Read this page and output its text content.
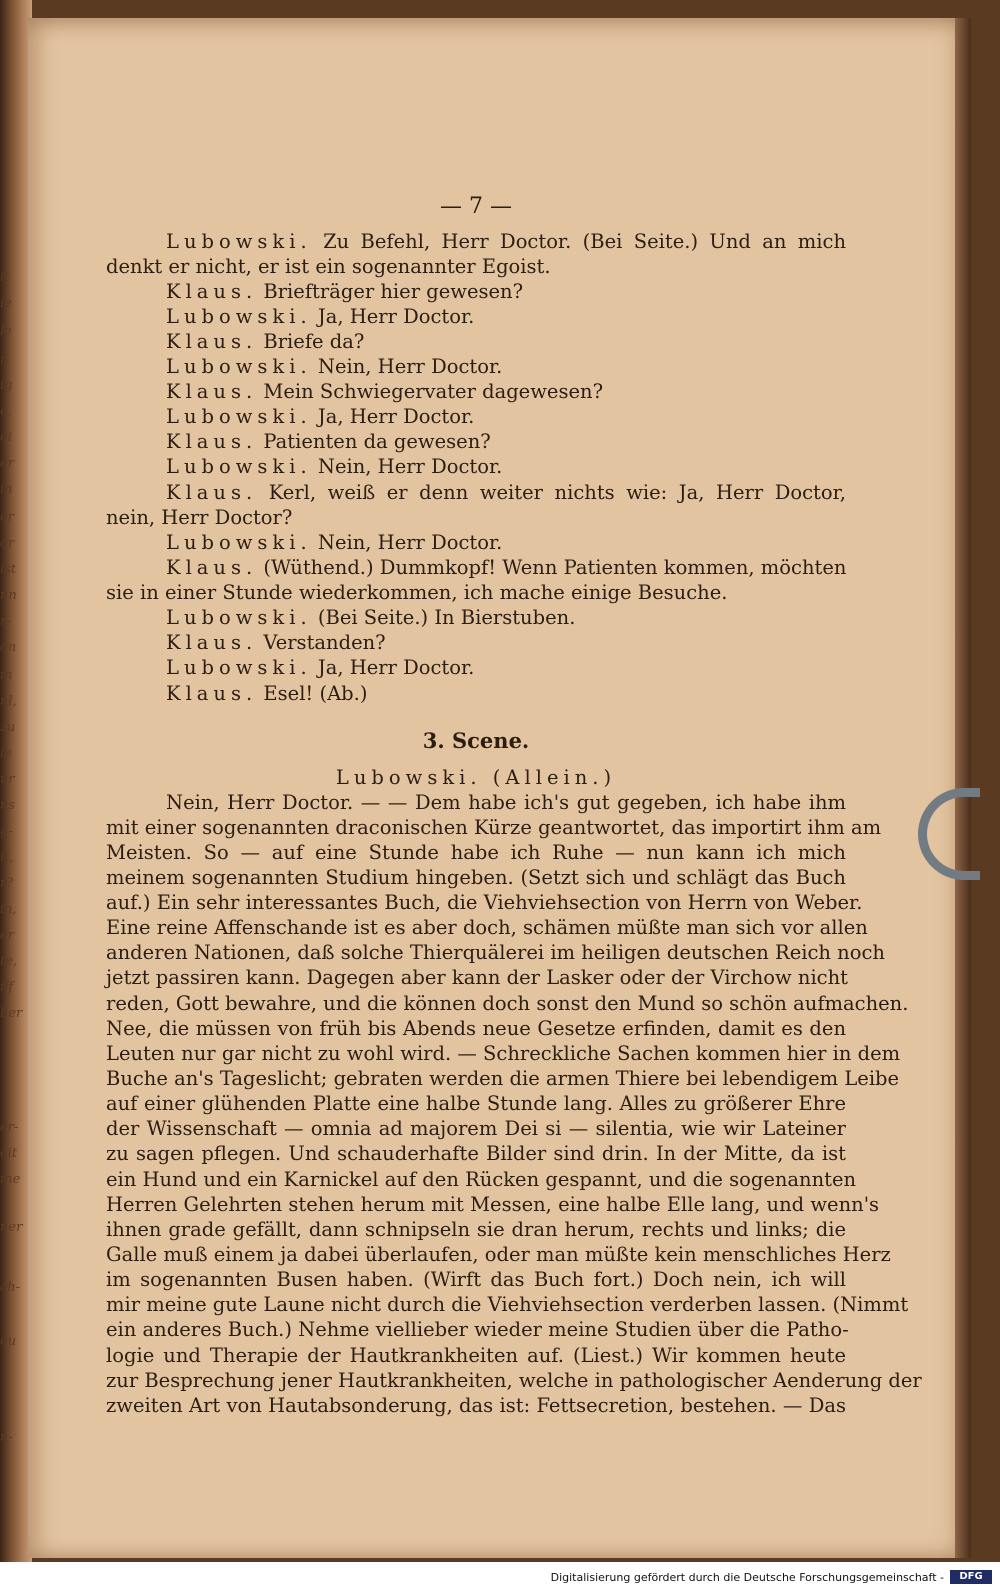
it
ie
le
r,
ig
e,
ei
er
in
er
or
ist
nn
r-
on
in
nl,
zu
ie
ur
ns
g-
it,
r?
in,
er
te,
iff
ber
er-
eit
ine
ner
ch-
eu
n-
— 7 —
Lubowski. Zu Befehl, Herr Doctor. (Bei Seite.) Und an mich
denkt er nicht, er ist ein sogenannter Egoist.
Klaus. Briefträger hier gewesen?
Lubowski. Ja, Herr Doctor.
Klaus. Briefe da?
Lubowski. Nein, Herr Doctor.
Klaus. Mein Schwiegervater dagewesen?
Lubowski. Ja, Herr Doctor.
Klaus. Patienten da gewesen?
Lubowski. Nein, Herr Doctor.
Klaus. Kerl, weiß er denn weiter nichts wie: Ja, Herr Doctor,
nein, Herr Doctor?
Lubowski. Nein, Herr Doctor.
Klaus. (Wüthend.) Dummkopf! Wenn Patienten kommen, möchten
sie in einer Stunde wiederkommen, ich mache einige Besuche.
Lubowski. (Bei Seite.) In Bierstuben.
Klaus. Verstanden?
Lubowski. Ja, Herr Doctor.
Klaus. Esel! (Ab.)
3. Scene.
Lubowski. (Allein.)
Nein, Herr Doctor. — — Dem habe ich's gut gegeben, ich habe ihm
mit einer sogenannten draconischen Kürze geantwortet, das importirt ihm am
Meisten. So — auf eine Stunde habe ich Ruhe — nun kann ich mich
meinem sogenannten Studium hingeben. (Setzt sich und schlägt das Buch
auf.) Ein sehr interessantes Buch, die Viehviehsection von Herrn von Weber.
Eine reine Affenschande ist es aber doch, schämen müßte man sich vor allen
anderen Nationen, daß solche Thierquälerei im heiligen deutschen Reich noch
jetzt passiren kann. Dagegen aber kann der Lasker oder der Virchow nicht
reden, Gott bewahre, und die können doch sonst den Mund so schön aufmachen.
Nee, die müssen von früh bis Abends neue Gesetze erfinden, damit es den
Leuten nur gar nicht zu wohl wird. — Schreckliche Sachen kommen hier in dem
Buche an's Tageslicht; gebraten werden die armen Thiere bei lebendigem Leibe
auf einer glühenden Platte eine halbe Stunde lang. Alles zu größerer Ehre
der Wissenschaft — omnia ad majorem Dei si — silentia, wie wir Lateiner
zu sagen pflegen. Und schauderhafte Bilder sind drin. In der Mitte, da ist
ein Hund und ein Karnickel auf den Rücken gespannt, und die sogenannten
Herren Gelehrten stehen herum mit Messen, eine halbe Elle lang, und wenn's
ihnen grade gefällt, dann schnipseln sie dran herum, rechts und links; die
Galle muß einem ja dabei überlaufen, oder man müßte kein menschliches Herz
im sogenannten Busen haben. (Wirft das Buch fort.) Doch nein, ich will
mir meine gute Laune nicht durch die Viehviehsection verderben lassen. (Nimmt
ein anderes Buch.) Nehme viellieber wieder meine Studien über die Patho-
logie und Therapie der Hautkrankheiten auf. (Liest.) Wir kommen heute
zur Besprechung jener Hautkrankheiten, welche in pathologischer Aenderung der
zweiten Art von Hautabsonderung, das ist: Fettsecretion, bestehen. — Das
Digitalisierung gefördert durch die Deutsche Forschungsgemeinschaft -	DFG
